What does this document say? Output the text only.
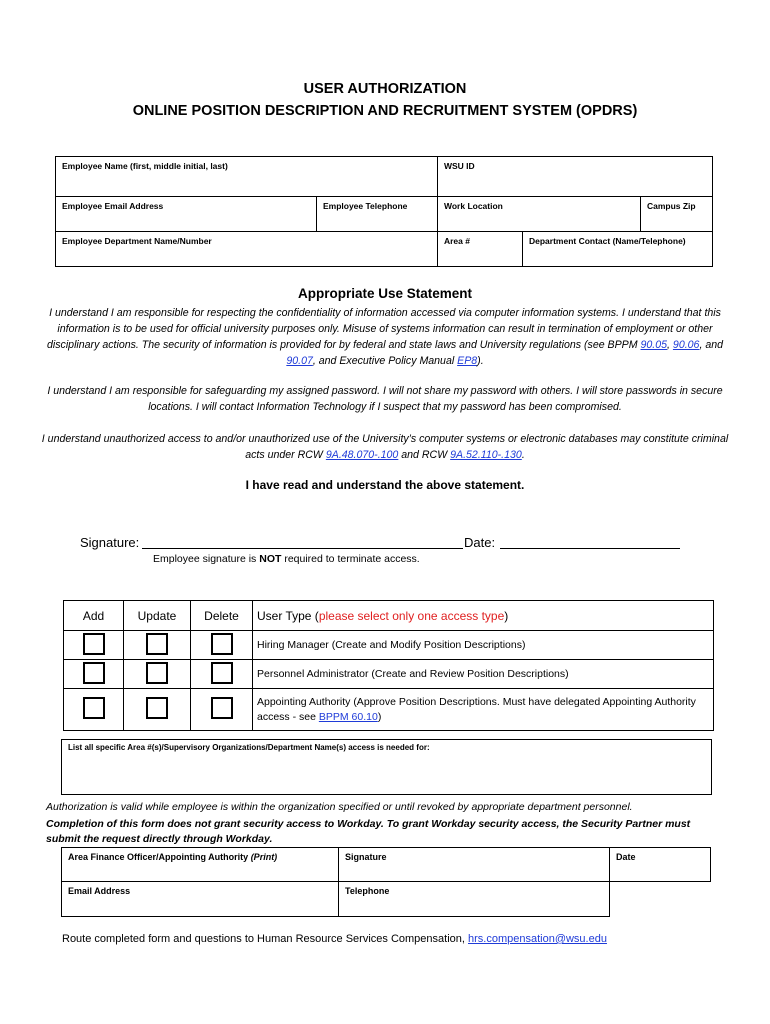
USER AUTHORIZATION
ONLINE POSITION DESCRIPTION AND RECRUITMENT SYSTEM (OPDRS)
Employee Name (first, middle initial, last)		WSU ID		
Employee Email Address	Employee Telephone	Work Location		Campus Zip
Employee Department Name/Number		Area #	Department Contact (Name/Telephone)	
Appropriate Use Statement
I understand I am responsible for respecting the confidentiality of information accessed via computer information systems. I understand that this information is to be used for official university purposes only. Misuse of systems information can result in termination of employment or other disciplinary actions. The security of information is provided for by federal and state laws and University regulations (see BPPM 90.05, 90.06, and 90.07, and Executive Policy Manual EP8).
I understand I am responsible for safeguarding my assigned password. I will not share my password with others. I will store passwords in secure locations. I will contact Information Technology if I suspect that my password has been compromised.
I understand unauthorized access to and/or unauthorized use of the University’s computer systems or electronic databases may constitute criminal acts under RCW 9A.48.070-.100 and RCW 9A.52.110-.130.
I have read and understand the above statement.
Signature:	Date:
Employee signature is NOT required to terminate access.
Add	Update	Delete	User Type (please select only one access type)
			Hiring Manager (Create and Modify Position Descriptions)
			Personnel Administrator (Create and Review Position Descriptions)
			Appointing Authority (Approve Position Descriptions. Must have delegated Appointing Authority access - see BPPM 60.10)
List all specific Area #(s)/Supervisory Organizations/Department Name(s) access is needed for:
Authorization is valid while employee is within the organization specified or until revoked by appropriate department personnel.
Completion of this form does not grant security access to Workday. To grant Workday security access, the Security Partner must submit the request directly through Workday.
Area Finance Officer/Appointing Authority (Print)	Signature	Date
Email Address	Telephone	
Route completed form and questions to Human Resource Services Compensation, hrs.compensation@wsu.edu
